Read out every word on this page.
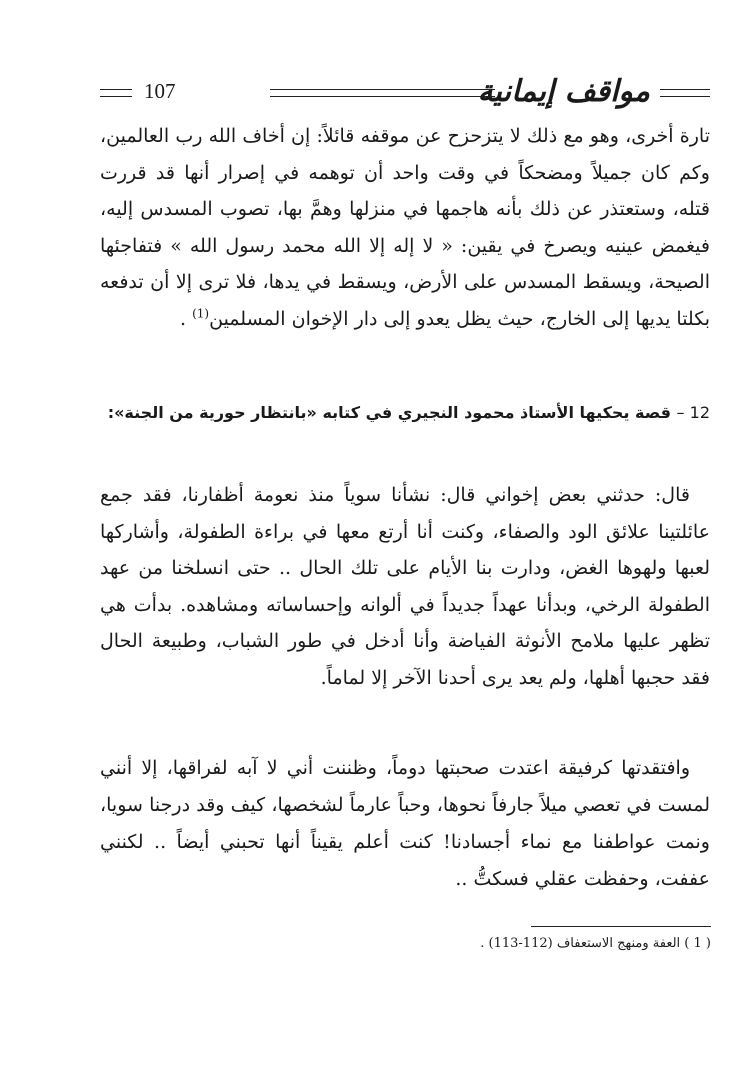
مواقف إيمانية
107

تارة أخرى، وهو مع ذلك لا يتزحزح عن موقفه قائلاً: إن أخاف الله رب العالمين، وكم كان جميلاً ومضحكاً في وقت واحد أن توهمه في إصرار أنها قد قررت قتله، وستعتذر عن ذلك بأنه هاجمها في منزلها وهمَّ بها، تصوب المسدس إليه، فيغمض عينيه ويصرخ في يقين: « لا إله إلا الله محمد رسول الله » فتفاجئها الصيحة، ويسقط المسدس على الأرض، ويسقط في يدها، فلا ترى إلا أن تدفعه بكلتا يديها إلى الخارج، حيث يظل يعدو إلى دار الإخوان المسلمين$^{(1)}$ .

12 – قصة يحكيها الأستاذ محمود النجيري في كتابه «بانتظار حورية من الجنة»:
قال: حدثني بعض إخواني قال: نشأنا سوياً منذ نعومة أظفارنا، فقد جمع عائلتينا علائق الود والصفاء، وكنت أنا أرتع معها في براءة الطفولة، وأشاركها لعبها ولهوها الغض، ودارت بنا الأيام على تلك الحال .. حتى انسلخنا من عهد الطفولة الرخي، وبدأنا عهداً جديداً في ألوانه وإحساساته ومشاهده. بدأت هي تظهر عليها ملامح الأنوثة الفياضة وأنا أدخل في طور الشباب، وطبيعة الحال فقد حجبها أهلها، ولم يعد يرى أحدنا الآخر إلا لماماً.
وافتقدتها كرفيقة اعتدت صحبتها دوماً، وظننت أني لا آبه لفراقها، إلا أنني لمست في تعصي ميلاً جارفاً نحوها، وحباً عارماً لشخصها، كيف وقد درجنا سويا، ونمت عواطفنا مع نماء أجسادنا! كنت أعلم يقيناً أنها تحبني أيضاً .. لكنني عففت، وحفظت عقلي فسكتُّ ..
( 1 ) العفة ومنهج الاستعفاف (112-113) .
